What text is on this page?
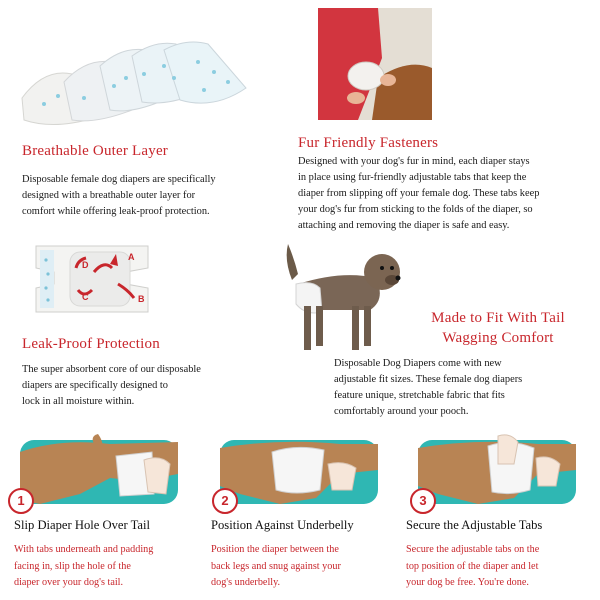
Breathable Outer Layer
Disposable female dog diapers are specifically
designed with a breathable outer layer for
comfort while offering leak-proof protection.
Fur Friendly Fasteners
Designed with your dog's fur in mind, each diaper stays
in place using fur-friendly adjustable tabs that keep the
diaper from slipping off your female dog. These tabs keep
your dog's fur from sticking to the folds of the diaper, so
attaching and removing the diaper is safe and easy.
A
B
C
D
Leak-Proof Protection
The super absorbent core of our disposable
diapers are specifically designed to
lock in all moisture within.
Made to Fit With Tail
Wagging Comfort
Disposable Dog Diapers come with new
adjustable fit sizes. These female dog diapers
feature unique, stretchable fabric that fits
comfortably around your pooch.
1	2	3
Slip Diaper Hole Over Tail	Position Against Underbelly	Secure the Adjustable Tabs
With tabs underneath and padding
facing in, slip the hole of the
diaper over your dog's tail.
Position the diaper between the
back legs and snug against your
dog's underbelly.
Secure the adjustable tabs on the
top position of the diaper and let
your dog be free. You're done.
